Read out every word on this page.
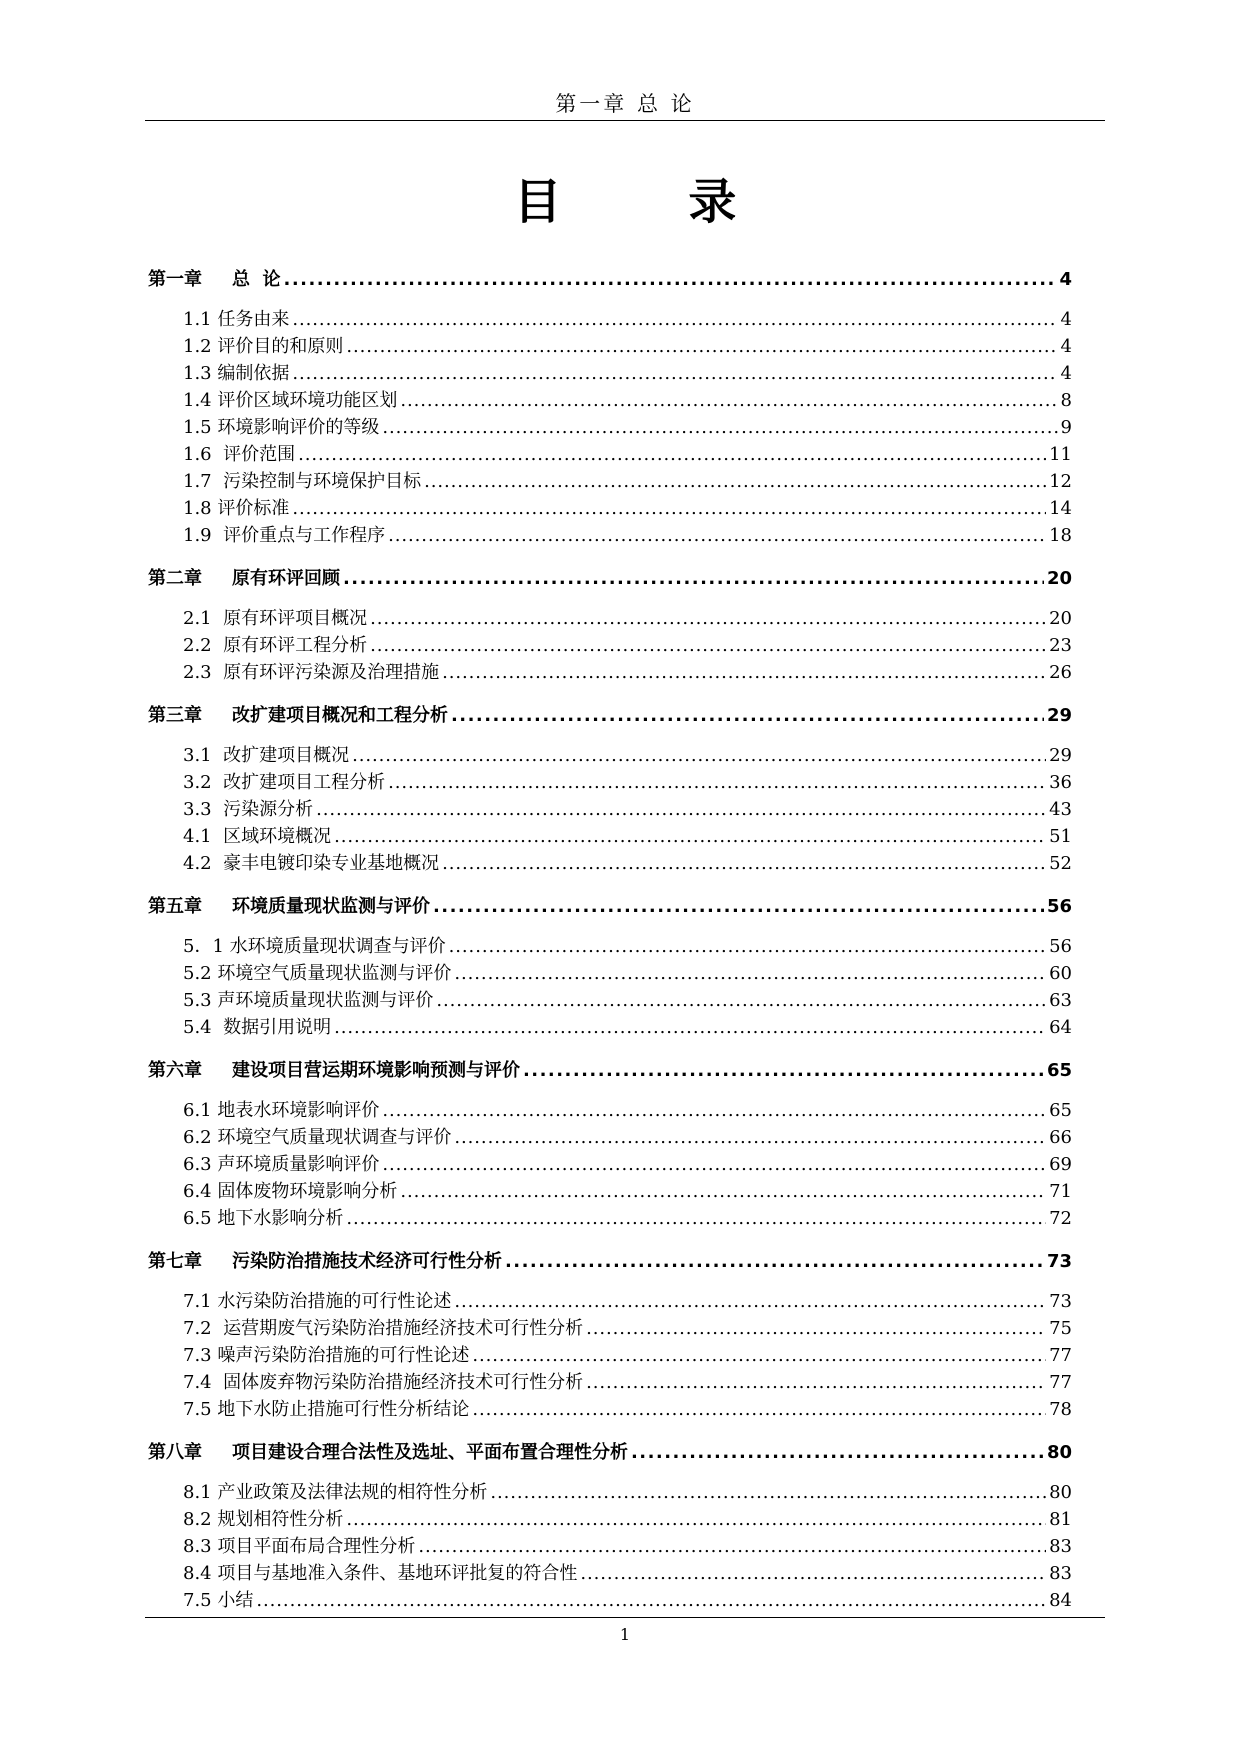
第一章 总 论
目	录
第一章 总  论 . . .	4
1.1 任务由来 . . .	4
1.2 评价目的和原则 . . .	4
1.3 编制依据 . . .	4
1.4 评价区域环境功能区划 . . .	8
1.5 环境影响评价的等级 . . .	9
1.6  评价范围 . . .	11
1.7  污染控制与环境保护目标 . . .	12
1.8 评价标准 . . .	14
1.9  评价重点与工作程序 . . .	18
第二章 原有环评回顾 . . .	20
2.1  原有环评项目概况 . . .	20
2.2  原有环评工程分析 . . .	23
2.3  原有环评污染源及治理措施 . . .	26
第三章 改扩建项目概况和工程分析 . . .	29
3.1  改扩建项目概况 . . .	29
3.2  改扩建项目工程分析 . . .	36
3.3  污染源分析 . . .	43
4.1  区域环境概况 . . .	51
4.2  豪丰电镀印染专业基地概况 . . .	52
第五章 环境质量现状监测与评价 . . .	56
5．1 水环境质量现状调查与评价 . . .	56
5.2 环境空气质量现状监测与评价 . . .	60
5.3 声环境质量现状监测与评价 . . .	63
5.4  数据引用说明 . . .	64
第六章 建设项目营运期环境影响预测与评价 . . .	65
6.1 地表水环境影响评价 . . .	65
6.2 环境空气质量现状调查与评价 . . .	66
6.3 声环境质量影响评价 . . .	69
6.4 固体废物环境影响分析 . . .	71
6.5 地下水影响分析 . . .	72
第七章 污染防治措施技术经济可行性分析 . . .	73
7.1 水污染防治措施的可行性论述 . . .	73
7.2  运营期废气污染防治措施经济技术可行性分析 . . .	75
7.3 噪声污染防治措施的可行性论述 . . .	77
7.4  固体废弃物污染防治措施经济技术可行性分析 . . .	77
7.5 地下水防止措施可行性分析结论 . . .	78
第八章 项目建设合理合法性及选址、平面布置合理性分析 . . .	80
8.1 产业政策及法律法规的相符性分析 . . .	80
8.2 规划相符性分析 . . .	81
8.3 项目平面布局合理性分析 . . .	83
8.4 项目与基地准入条件、基地环评批复的符合性 . . .	83
7.5 小结 . . .	84
1
